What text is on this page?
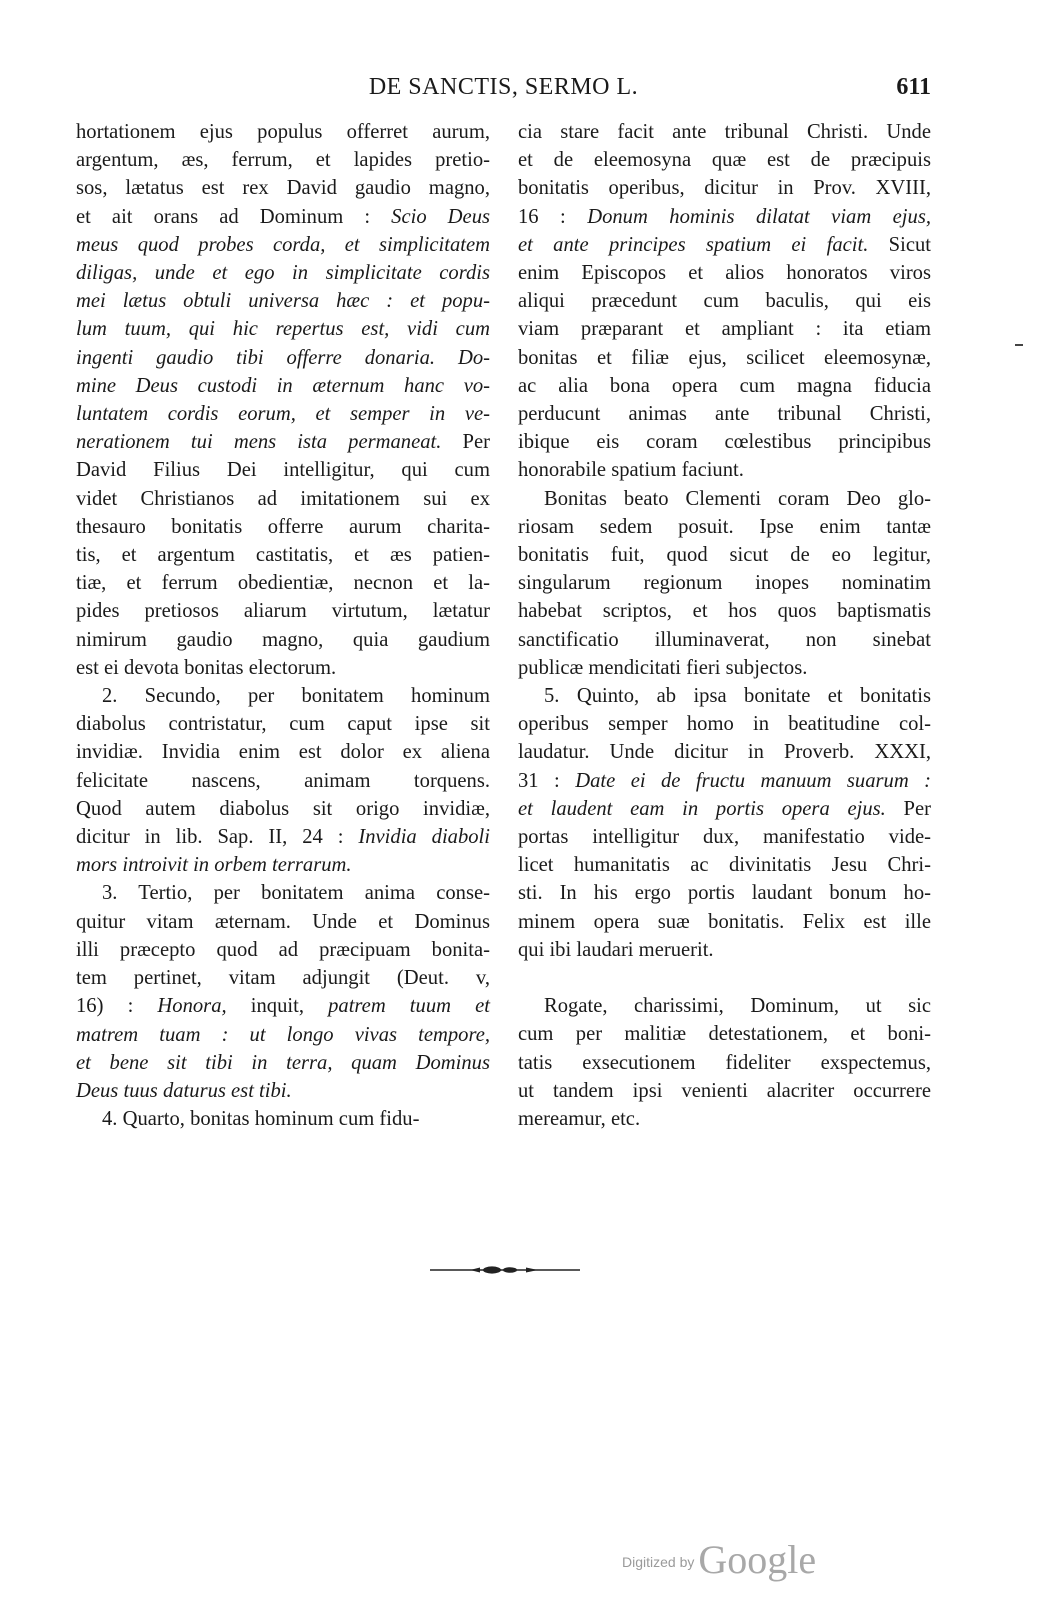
DE SANCTIS, SERMO L.	611

hortationem ejus populus offerret aurum,
argentum, æs, ferrum, et lapides pretio-
sos, lætatus est rex David gaudio magno,
et ait orans ad Dominum : Scio Deus
meus quod probes corda, et simplicitatem
diligas, unde et ego in simplicitate cordis
mei lætus obtuli universa hæc : et popu-
lum tuum, qui hic repertus est, vidi cum
ingenti gaudio tibi offerre donaria. Do-
mine Deus custodi in æternum hanc vo-
luntatem cordis eorum, et semper in ve-
nerationem tui mens ista permaneat. Per
David Filius Dei intelligitur, qui cum
videt Christianos ad imitationem sui ex
thesauro bonitatis offerre aurum charita-
tis, et argentum castitatis, et æs patien-
tiæ, et ferrum obedientiæ, necnon et la-
pides pretiosos aliarum virtutum, lætatur
nimirum gaudio magno, quia gaudium
est ei devota bonitas electorum.

2. Secundo, per bonitatem hominum
diabolus contristatur, cum caput ipse sit
invidiæ. Invidia enim est dolor ex aliena
felicitate nascens, animam torquens.
Quod autem diabolus sit origo invidiæ,
dicitur in lib. Sap. II, 24 : Invidia diaboli
mors introivit in orbem terrarum.

3. Tertio, per bonitatem anima conse-
quitur vitam æternam. Unde et Dominus
illi præcepto quod ad præcipuam bonita-
tem pertinet, vitam adjungit (Deut. v,
16) : Honora, inquit, patrem tuum et
matrem tuam : ut longo vivas tempore,
et bene sit tibi in terra, quam Dominus
Deus tuus daturus est tibi.

4. Quarto, bonitas hominum cum fidu-

cia stare facit ante tribunal Christi. Unde
et de eleemosyna quæ est de præcipuis
bonitatis operibus, dicitur in Prov. XVIII,
16 : Donum hominis dilatat viam ejus,
et ante principes spatium ei facit. Sicut
enim Episcopos et alios honoratos viros
aliqui præcedunt cum baculis, qui eis
viam præparant et ampliant : ita etiam
bonitas et filiæ ejus, scilicet eleemosynæ,
ac alia bona opera cum magna fiducia
perducunt animas ante tribunal Christi,
ibique eis coram cœlestibus principibus
honorabile spatium faciunt.

Bonitas beato Clementi coram Deo glo-
riosam sedem posuit. Ipse enim tantæ
bonitatis fuit, quod sicut de eo legitur,
singularum regionum inopes nominatim
habebat scriptos, et hos quos baptismatis
sanctificatio illuminaverat, non sinebat
publicæ mendicitati fieri subjectos.

5. Quinto, ab ipsa bonitate et bonitatis
operibus semper homo in beatitudine col-
laudatur. Unde dicitur in Proverb. XXXI,
31 : Date ei de fructu manuum suarum :
et laudent eam in portis opera ejus. Per
portas intelligitur dux, manifestatio vide-
licet humanitatis ac divinitatis Jesu Chri-
sti. In his ergo portis laudant bonum ho-
minem opera suæ bonitatis. Felix est ille
qui ibi laudari meruerit.

Rogate, charissimi, Dominum, ut sic
cum per malitiæ detestationem, et boni-
tatis exsecutionem fideliter exspectemus,
ut tandem ipsi venienti alacriter occurrere
mereamur, etc.

Digitized by Google
